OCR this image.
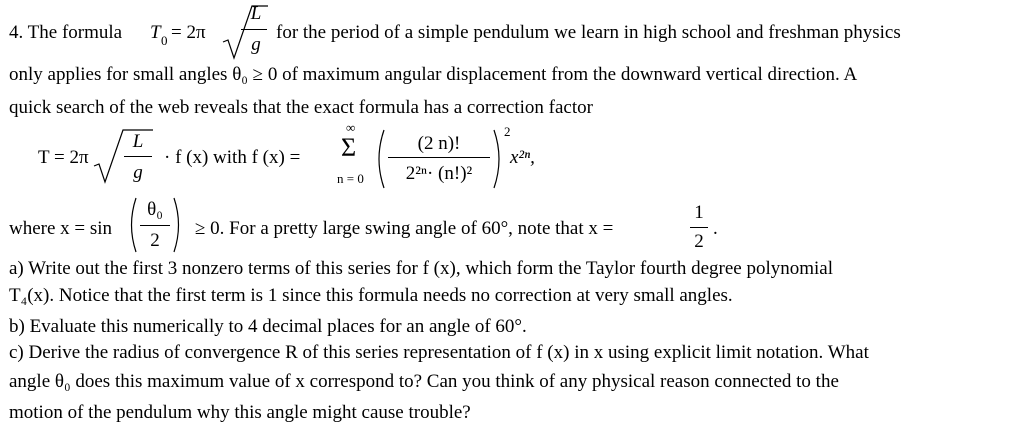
4. The formula T 0 = 2π
L
g
for the period of a simple pendulum we learn in high school and freshman physics
only applies for small angles θ₀ ≥ 0 of maximum angular displacement from the downward vertical direction. A
quick search of the web reveals that the exact formula has a correction factor
T = 2π
L
g
· f (x) with f (x) =
∞
Σ
n = 0
(2 n)!
2²ⁿ· (n!)²
2
x²ⁿ,
where x = sin
θ₀
2
≥ 0. For a pretty large swing angle of 60°, note that x =
1
2
.
a) Write out the first 3 nonzero terms of this series for f (x), which form the Taylor fourth degree polynomial
T₄(x). Notice that the first term is 1 since this formula needs no correction at very small angles.
b) Evaluate this numerically to 4 decimal places for an angle of 60°.
c) Derive the radius of convergence R of this series representation of f (x) in x using explicit limit notation. What
angle θ₀ does this maximum value of x correspond to? Can you think of any physical reason connected to the
motion of the pendulum why this angle might cause trouble?
